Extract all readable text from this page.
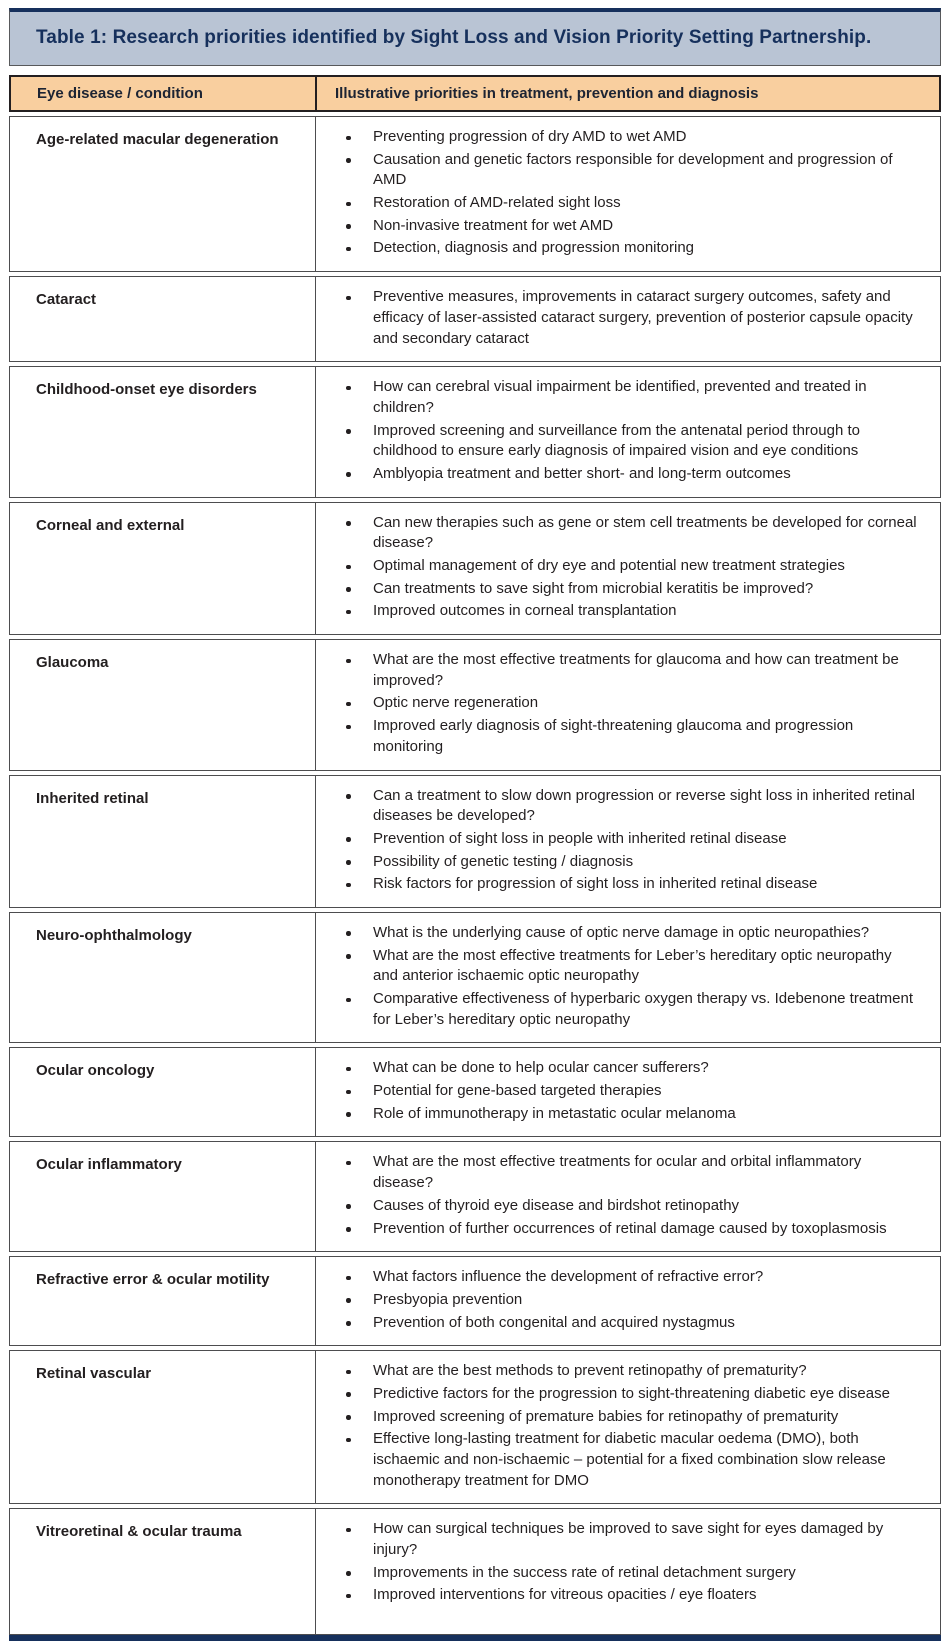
Table 1: Research priorities identified by Sight Loss and Vision Priority Setting Partnership.
Eye disease / condition	Illustrative priorities in treatment, prevention and diagnosis
Age-related macular degeneration	Preventing progression of dry AMD to wet AMD
Causation and genetic factors responsible for development and progression of AMD
Restoration of AMD-related sight loss
Non-invasive treatment for wet AMD
Detection, diagnosis and progression monitoring
Cataract	Preventive measures, improvements in cataract surgery outcomes, safety and efficacy of laser-assisted cataract surgery, prevention of posterior capsule opacity and secondary cataract
Childhood-onset eye disorders	How can cerebral visual impairment be identified, prevented and treated in children?
Improved screening and surveillance from the antenatal period through to childhood to ensure early diagnosis of impaired vision and eye conditions
Amblyopia treatment and better short- and long-term outcomes
Corneal and external	Can new therapies such as gene or stem cell treatments be developed for corneal disease?
Optimal management of dry eye and potential new treatment strategies
Can treatments to save sight from microbial keratitis be improved?
Improved outcomes in corneal transplantation
Glaucoma	What are the most effective treatments for glaucoma and how can treatment be improved?
Optic nerve regeneration
Improved early diagnosis of sight-threatening glaucoma and progression monitoring
Inherited retinal	Can a treatment to slow down progression or reverse sight loss in inherited retinal diseases be developed?
Prevention of sight loss in people with inherited retinal disease
Possibility of genetic testing / diagnosis
Risk factors for progression of sight loss in inherited retinal disease
Neuro-ophthalmology	What is the underlying cause of optic nerve damage in optic neuropathies?
What are the most effective treatments for Leber’s hereditary optic neuropathy and anterior ischaemic optic neuropathy
Comparative effectiveness of hyperbaric oxygen therapy vs. Idebenone treatment for Leber’s hereditary optic neuropathy
Ocular oncology	What can be done to help ocular cancer sufferers?
Potential for gene-based targeted therapies
Role of immunotherapy in metastatic ocular melanoma
Ocular inflammatory	What are the most effective treatments for ocular and orbital inflammatory disease?
Causes of thyroid eye disease and birdshot retinopathy
Prevention of further occurrences of retinal damage caused by toxoplasmosis
Refractive error & ocular motility	What factors influence the development of refractive error?
Presbyopia prevention
Prevention of both congenital and acquired nystagmus
Retinal vascular	What are the best methods to prevent retinopathy of prematurity?
Predictive factors for the progression to sight-threatening diabetic eye disease
Improved screening of premature babies for retinopathy of prematurity
Effective long-lasting treatment for diabetic macular oedema (DMO), both ischaemic and non-ischaemic – potential for a fixed combination slow release monotherapy treatment for DMO
Vitreoretinal & ocular trauma	How can surgical techniques be improved to save sight for eyes damaged by injury?
Improvements in the success rate of retinal detachment surgery
Improved interventions for vitreous opacities / eye floaters
